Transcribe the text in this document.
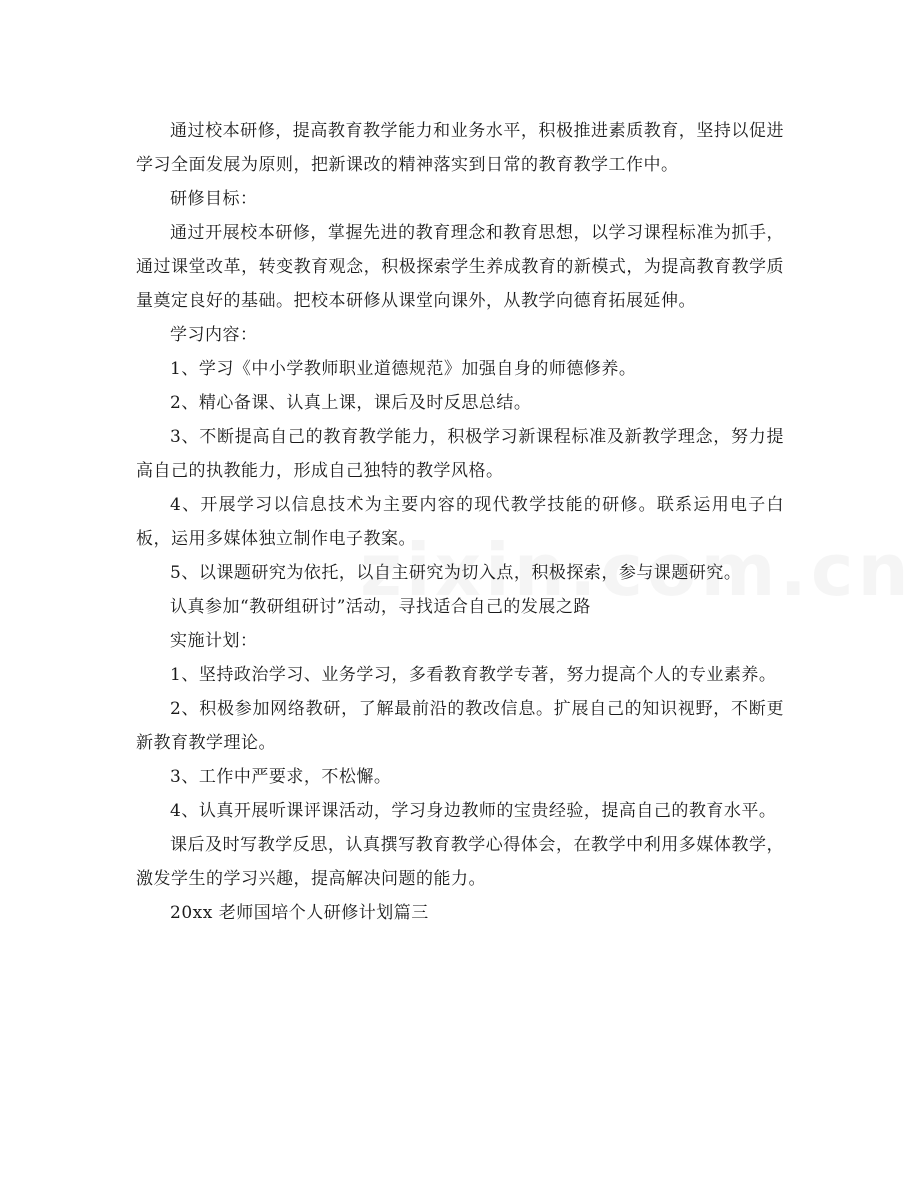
通过校本研修，提高教育教学能力和业务水平，积极推进素质教育，坚持以促进学习全面发展为原则，把新课改的精神落实到日常的教育教学工作中。

研修目标：

通过开展校本研修，掌握先进的教育理念和教育思想，以学习课程标准为抓手，通过课堂改革，转变教育观念，积极探索学生养成教育的新模式，为提高教育教学质量奠定良好的基础。把校本研修从课堂向课外，从教学向德育拓展延伸。

学习内容：

1、学习《中小学教师职业道德规范》加强自身的师德修养。

2、精心备课、认真上课，课后及时反思总结。

3、不断提高自己的教育教学能力，积极学习新课程标准及新教学理念，努力提高自己的执教能力，形成自己独特的教学风格。

4、开展学习以信息技术为主要内容的现代教学技能的研修。联系运用电子白板，运用多媒体独立制作电子教案。

5、以课题研究为依托，以自主研究为切入点，积极探索，参与课题研究。

认真参加“教研组研讨”活动，寻找适合自己的发展之路

实施计划：

1、坚持政治学习、业务学习，多看教育教学专著，努力提高个人的专业素养。

2、积极参加网络教研，了解最前沿的教改信息。扩展自己的知识视野，不断更新教育教学理论。

3、工作中严要求，不松懈。

4、认真开展听课评课活动，学习身边教师的宝贵经验，提高自己的教育水平。

课后及时写教学反思，认真撰写教育教学心得体会，在教学中利用多媒体教学，激发学生的学习兴趣，提高解决问题的能力。

20xx 老师国培个人研修计划篇三
